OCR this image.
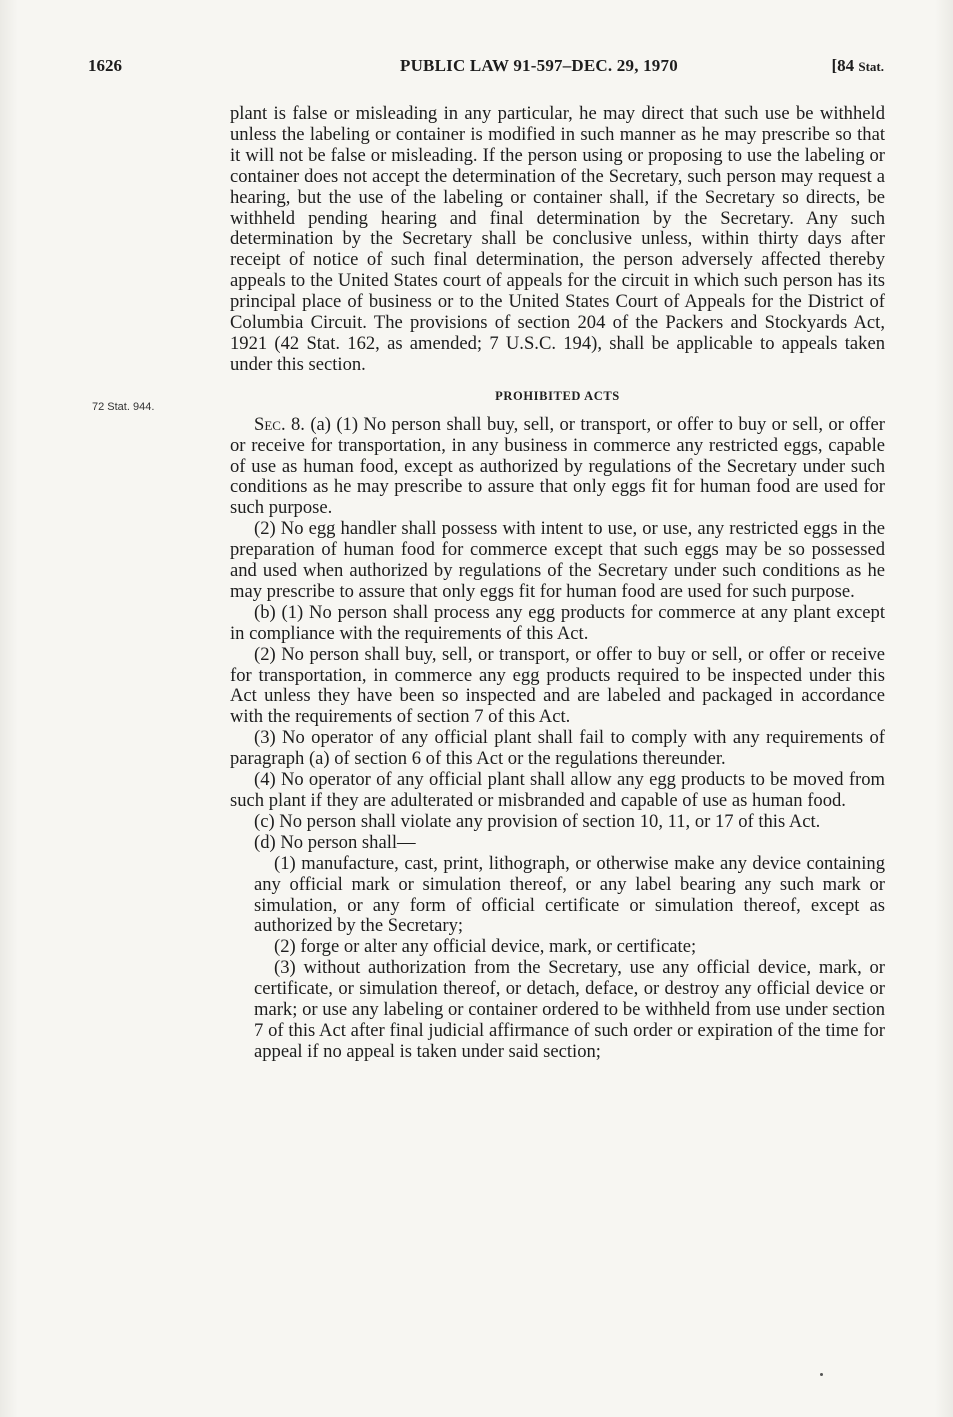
1626	PUBLIC LAW 91-597–DEC. 29, 1970	[84 Stat.
72 Stat. 944.

plant is false or misleading in any particular, he may direct that such use be withheld unless the labeling or container is modified in such manner as he may prescribe so that it will not be false or misleading. If the person using or proposing to use the labeling or container does not accept the determination of the Secretary, such person may request a hearing, but the use of the labeling or container shall, if the Secretary so directs, be withheld pending hearing and final determination by the Secretary. Any such determination by the Secretary shall be conclusive unless, within thirty days after receipt of notice of such final determination, the person adversely affected thereby appeals to the United States court of appeals for the circuit in which such person has its principal place of business or to the United States Court of Appeals for the District of Columbia Circuit. The provisions of section 204 of the Packers and Stockyards Act, 1921 (42 Stat. 162, as amended; 7 U.S.C. 194), shall be applicable to appeals taken under this section.

PROHIBITED ACTS

Sec. 8. (a) (1) No person shall buy, sell, or transport, or offer to buy or sell, or offer or receive for transportation, in any business in commerce any restricted eggs, capable of use as human food, except as authorized by regulations of the Secretary under such conditions as he may prescribe to assure that only eggs fit for human food are used for such purpose.

(2) No egg handler shall possess with intent to use, or use, any restricted eggs in the preparation of human food for commerce except that such eggs may be so possessed and used when authorized by regulations of the Secretary under such conditions as he may prescribe to assure that only eggs fit for human food are used for such purpose.

(b) (1) No person shall process any egg products for commerce at any plant except in compliance with the requirements of this Act.

(2) No person shall buy, sell, or transport, or offer to buy or sell, or offer or receive for transportation, in commerce any egg products required to be inspected under this Act unless they have been so inspected and are labeled and packaged in accordance with the requirements of section 7 of this Act.

(3) No operator of any official plant shall fail to comply with any requirements of paragraph (a) of section 6 of this Act or the regulations thereunder.

(4) No operator of any official plant shall allow any egg products to be moved from such plant if they are adulterated or misbranded and capable of use as human food.

(c) No person shall violate any provision of section 10, 11, or 17 of this Act.

(d) No person shall—

(1) manufacture, cast, print, lithograph, or otherwise make any device containing any official mark or simulation thereof, or any label bearing any such mark or simulation, or any form of official certificate or simulation thereof, except as authorized by the Secretary;

(2) forge or alter any official device, mark, or certificate;

(3) without authorization from the Secretary, use any official device, mark, or certificate, or simulation thereof, or detach, deface, or destroy any official device or mark; or use any labeling or container ordered to be withheld from use under section 7 of this Act after final judicial affirmance of such order or expiration of the time for appeal if no appeal is taken under said section;
